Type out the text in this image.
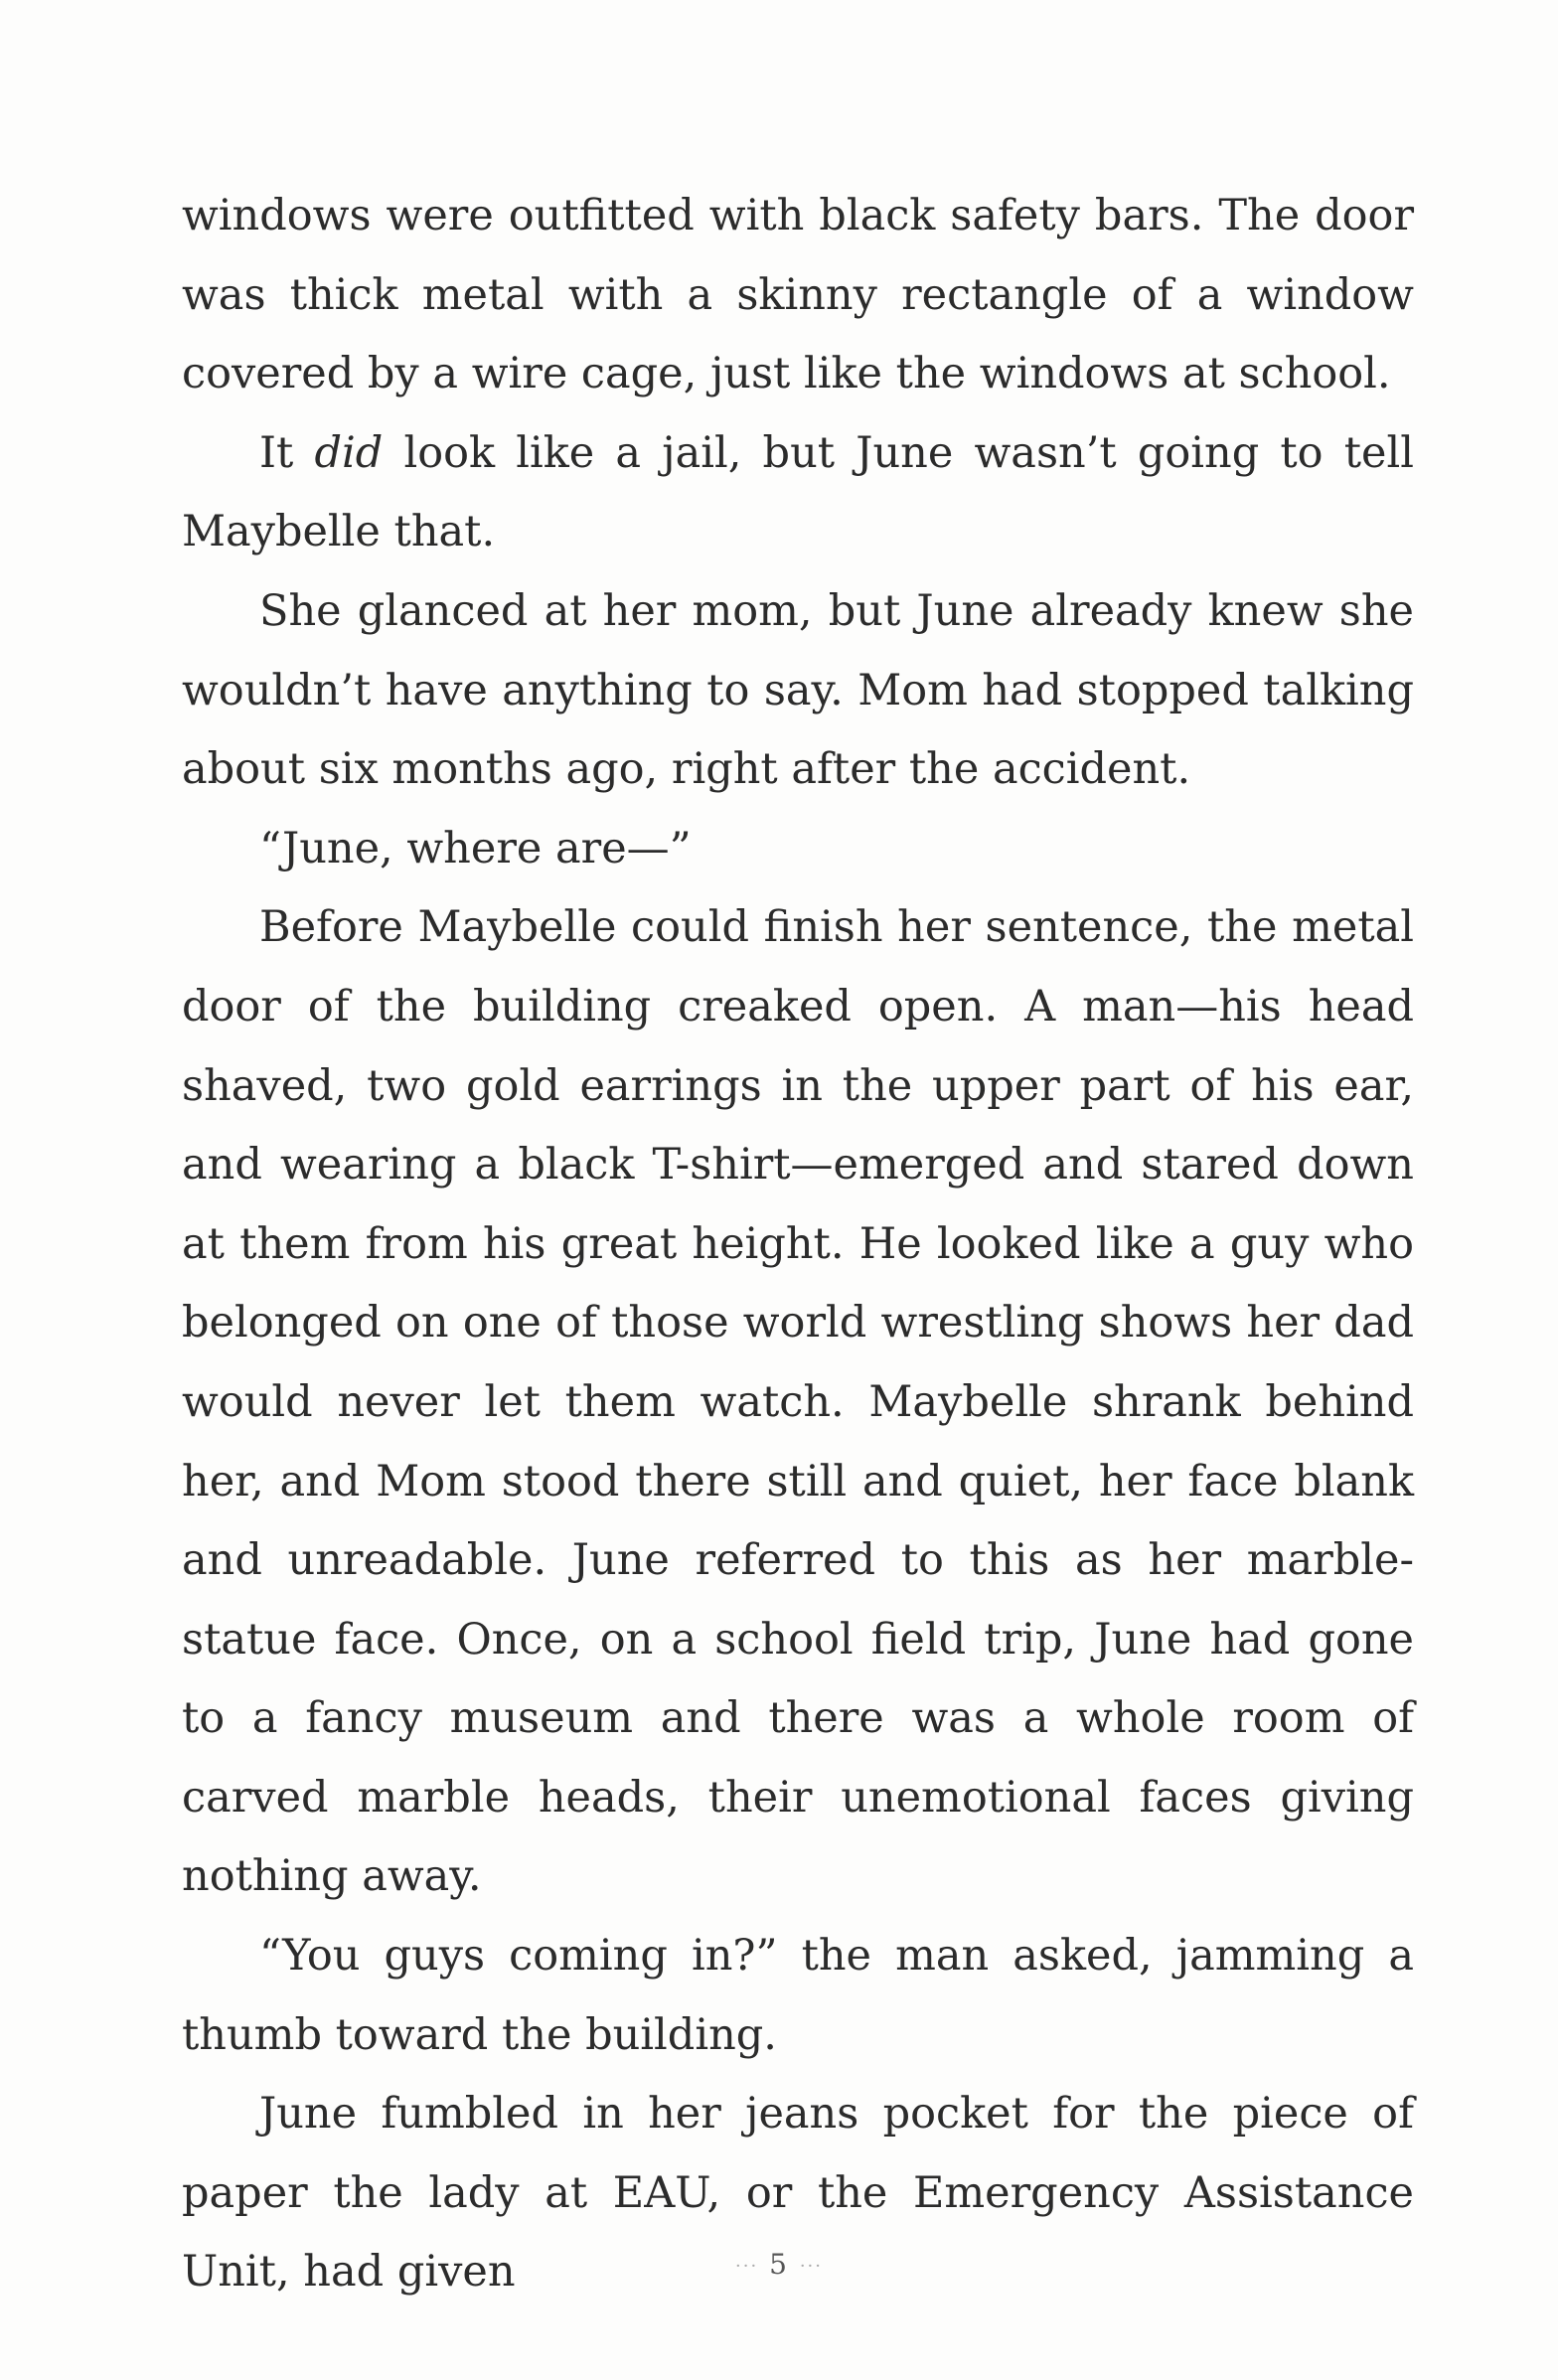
windows were outfitted with black safety bars. The door was thick metal with a skinny rectangle of a window covered by a wire cage, just like the windows at school.

It did look like a jail, but June wasn’t going to tell Maybelle that.

She glanced at her mom, but June already knew she wouldn’t have anything to say. Mom had stopped talking about six months ago, right after the accident.

“June, where are—”

Before Maybelle could finish her sentence, the metal door of the building creaked open. A man—his head shaved, two gold earrings in the upper part of his ear, and wearing a black T-shirt—emerged and stared down at them from his great height. He looked like a guy who belonged on one of those world wrestling shows her dad would never let them watch. Maybelle shrank behind her, and Mom stood there still and quiet, her face blank and unreadable. June referred to this as her marble-statue face. Once, on a school field trip, June had gone to a fancy museum and there was a whole room of carved marble heads, their unemotional faces giving nothing away.

“You guys coming in?” the man asked, jamming a thumb toward the building.

June fumbled in her jeans pocket for the piece of paper the lady at EAU, or the Emergency Assistance Unit, had given	··· 5 ···
